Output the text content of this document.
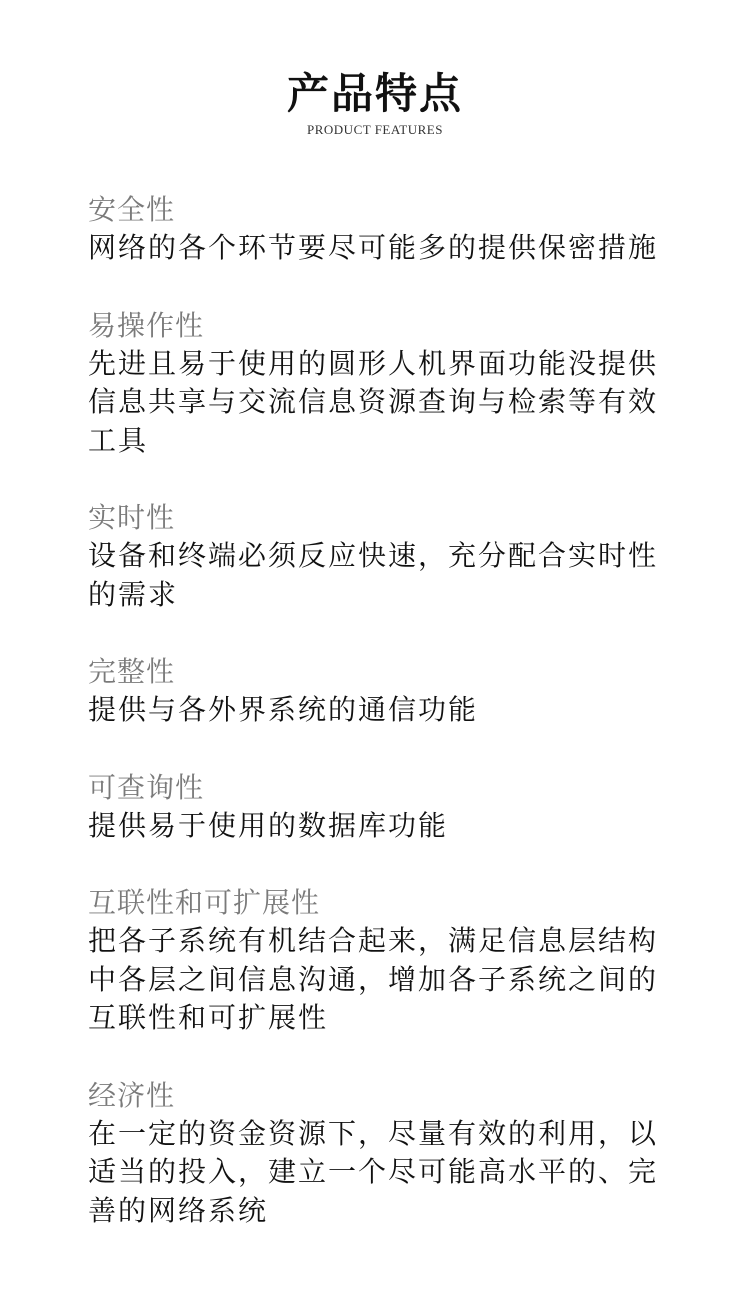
产品特点
PRODUCT FEATURES
安全性
网络的各个环节要尽可能多的提供保密措施
易操作性
先进且易于使用的圆形人机界面功能没提供信息共享与交流信息资源查询与检索等有效工具
实时性
设备和终端必须反应快速，充分配合实时性的需求
完整性
提供与各外界系统的通信功能
可查询性
提供易于使用的数据库功能
互联性和可扩展性
把各子系统有机结合起来，满足信息层结构中各层之间信息沟通，增加各子系统之间的互联性和可扩展性
经济性
在一定的资金资源下，尽量有效的利用，以适当的投入，建立一个尽可能高水平的、完善的网络系统
